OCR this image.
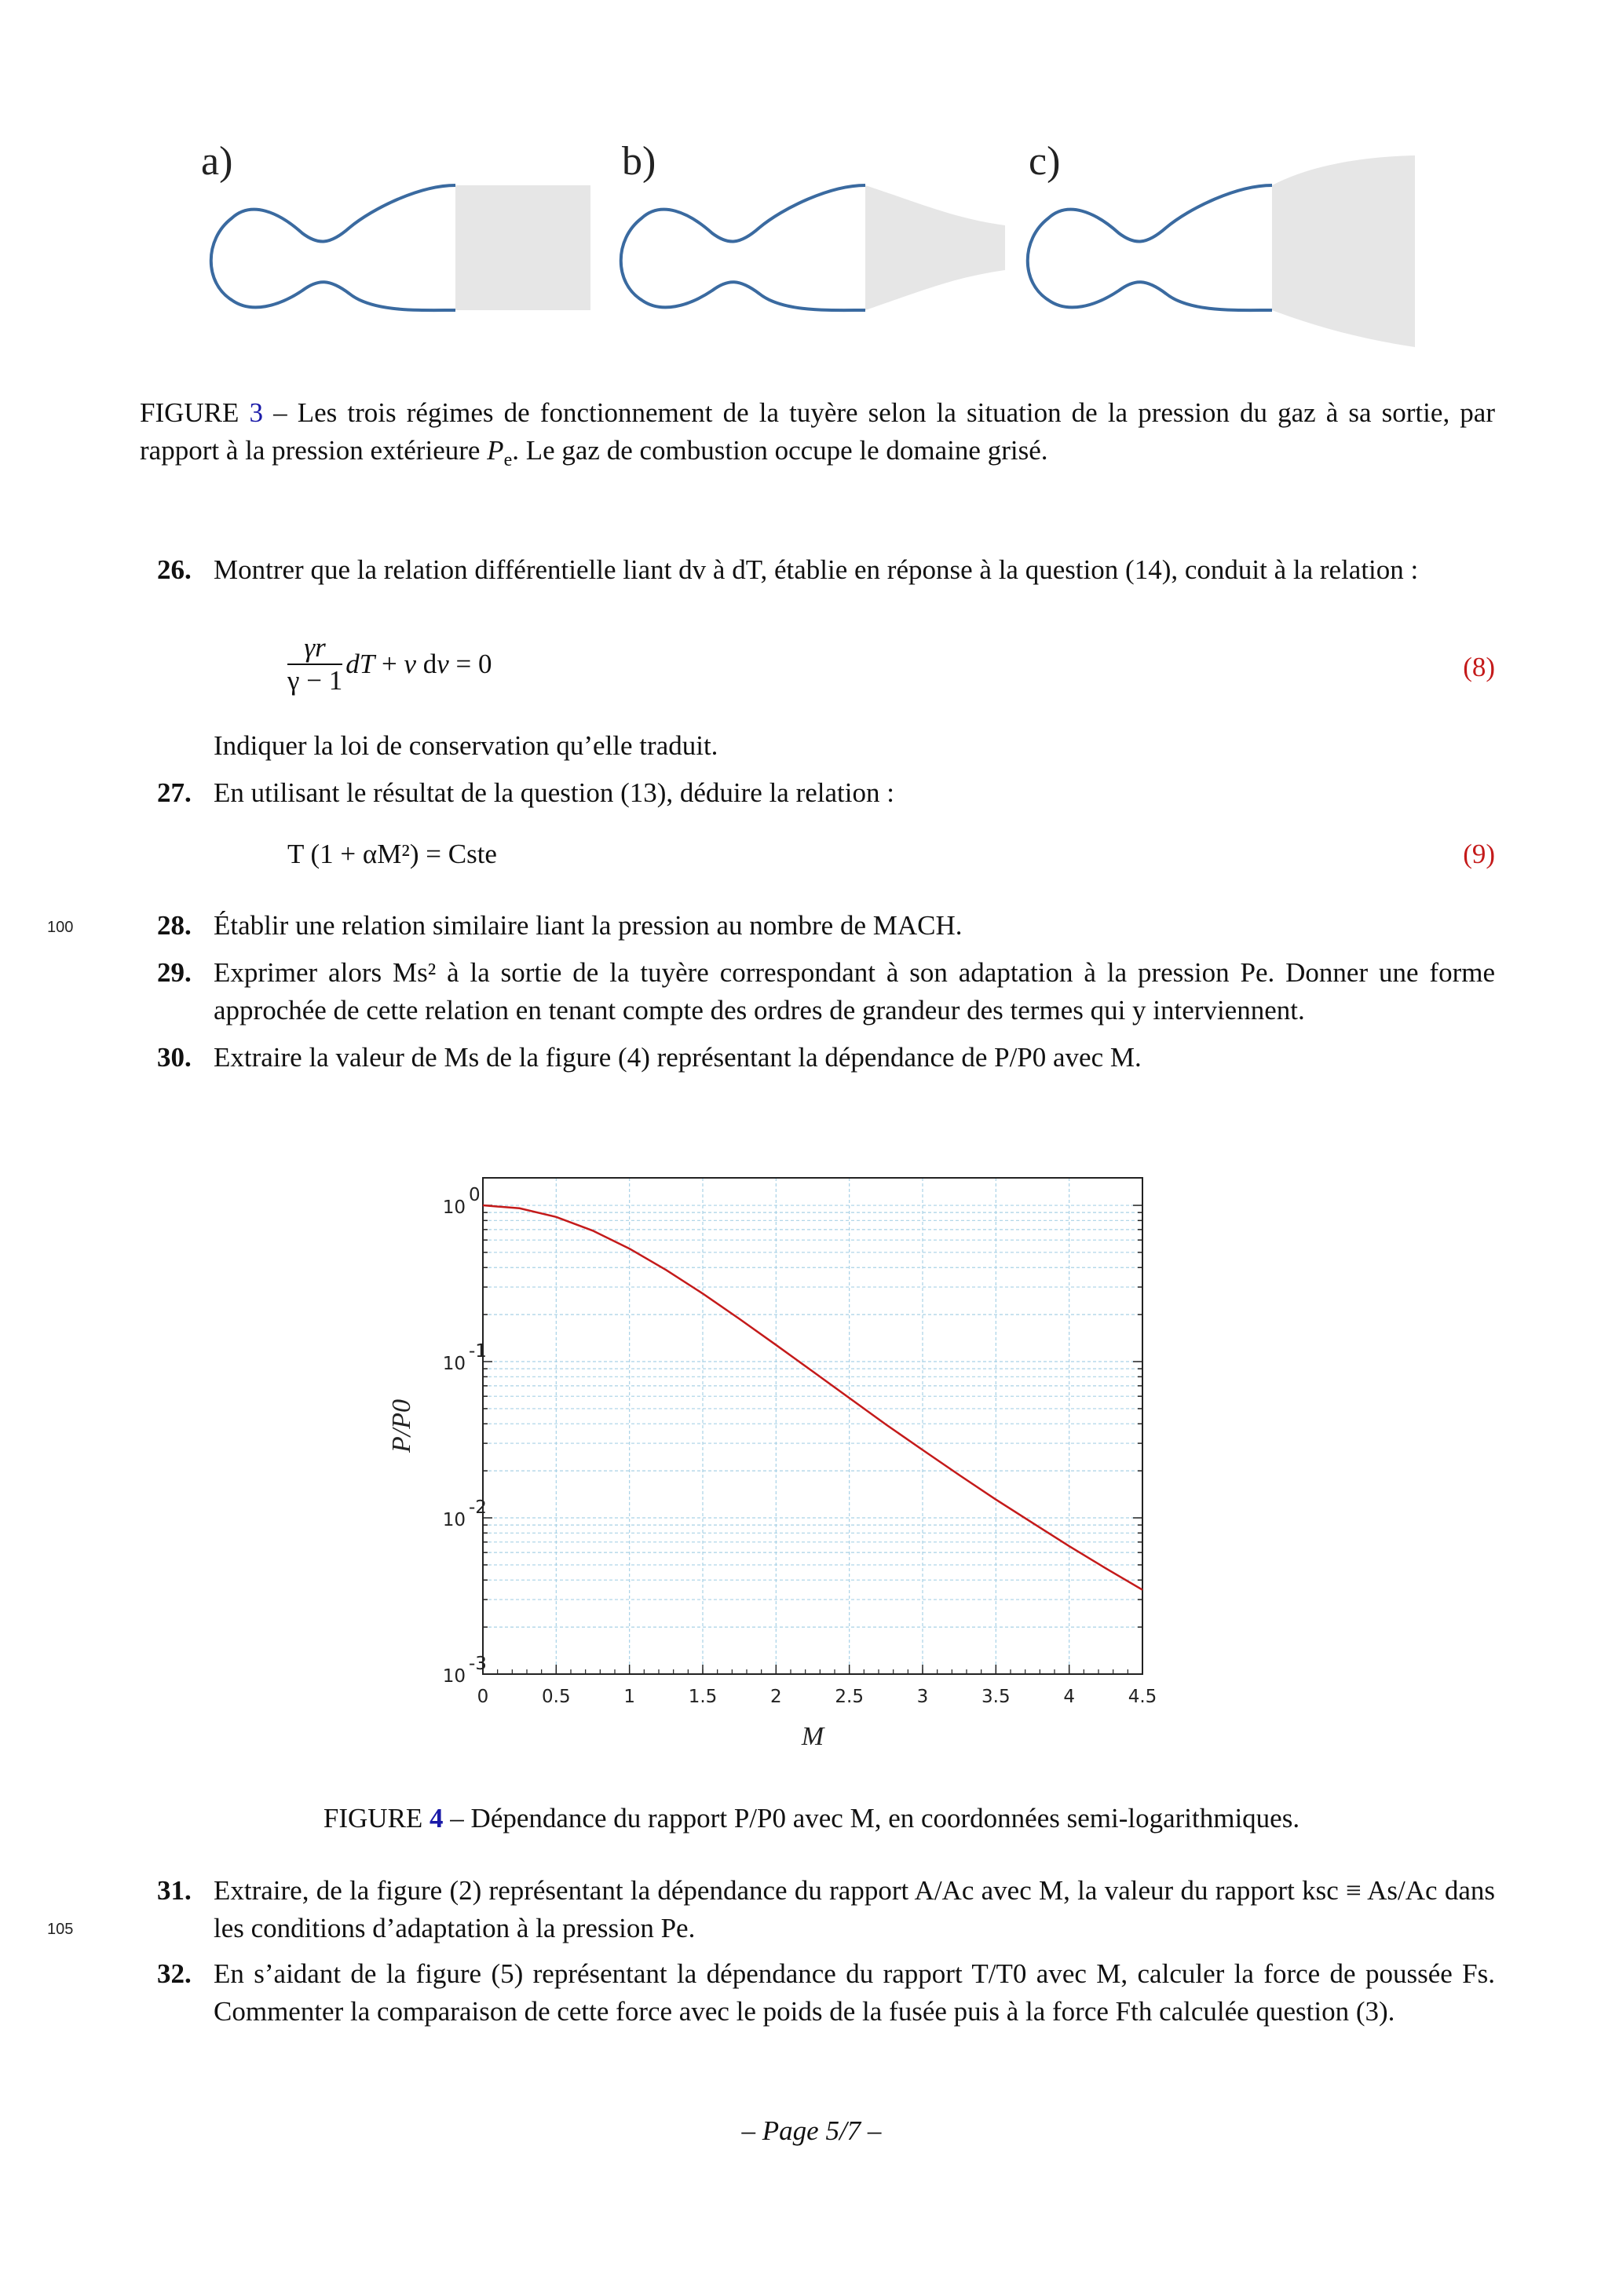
a)	b)	c)
FIGURE 3 – Les trois régimes de fonctionnement de la tuyère selon la situation de la pression du gaz à sa sortie, par rapport à la pression extérieure $P_e$. Le gaz de combustion occupe le domaine grisé.
26. Montrer que la relation différentielle liant dv à dT, établie en réponse à la question (14), conduit à la relation :
$\frac{\gamma r}{\gamma - 1}$ dT + v dv = 0	(8)
Indiquer la loi de conservation qu’elle traduit.
27. En utilisant le résultat de la question (13), déduire la relation :
T (1 + αM²) = Cste	(9)
100	28. Établir une relation similaire liant la pression au nombre de MACH.
29. Exprimer alors Ms² à la sortie de la tuyère correspondant à son adaptation à la pression Pe. Donner une forme approchée de cette relation en tenant compte des ordres de grandeur des termes qui y interviennent.
30. Extraire la valeur de Ms de la figure (4) représentant la dépendance de P/P0 avec M.
0	0.5	1	1.5	2	2.5	3	3.5	4	4.5
10
0
10
-1
10
-2
10
-3
M
P/P0
FIGURE 4 – Dépendance du rapport P/P0 avec M, en coordonnées semi-logarithmiques.
31. Extraire, de la figure (2) représentant la dépendance du rapport A/Ac avec M, la valeur du rapport ksc ≡ As/Ac dans les conditions d’adaptation à la pression Pe.
105
32. En s’aidant de la figure (5) représentant la dépendance du rapport T/T0 avec M, calculer la force de poussée Fs. Commenter la comparaison de cette force avec le poids de la fusée puis à la force Fth calculée question (3).
– Page 5/7 –
